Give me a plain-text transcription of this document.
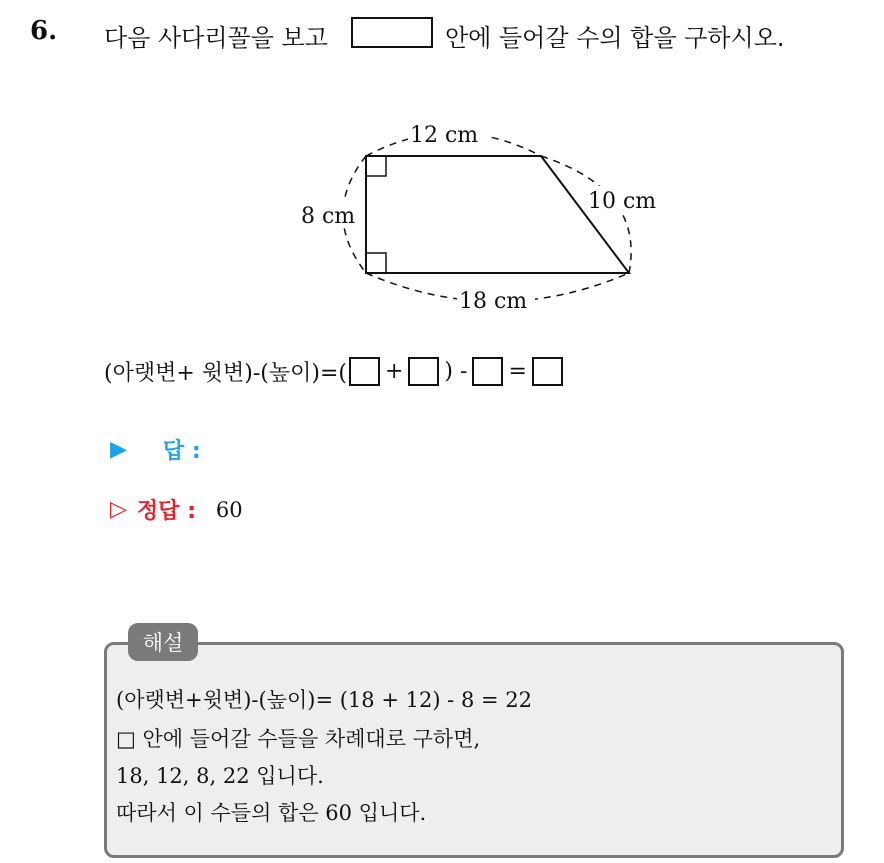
6. 다음 사다리꼴을 보고	안에 들어갈 수의 합을 구하시오.
12 cm
10 cm
8 cm
18 cm
(아랫변+ 윗변)-(높이)=( + ) - =
▶ 답 :
▷ 정답 : 60
해설
(아랫변+윗변)-(높이)= (18 + 12) - 8 = 22
□ 안에 들어갈 수들을 차례대로 구하면,
18, 12, 8, 22 입니다.
따라서 이 수들의 합은 60 입니다.
